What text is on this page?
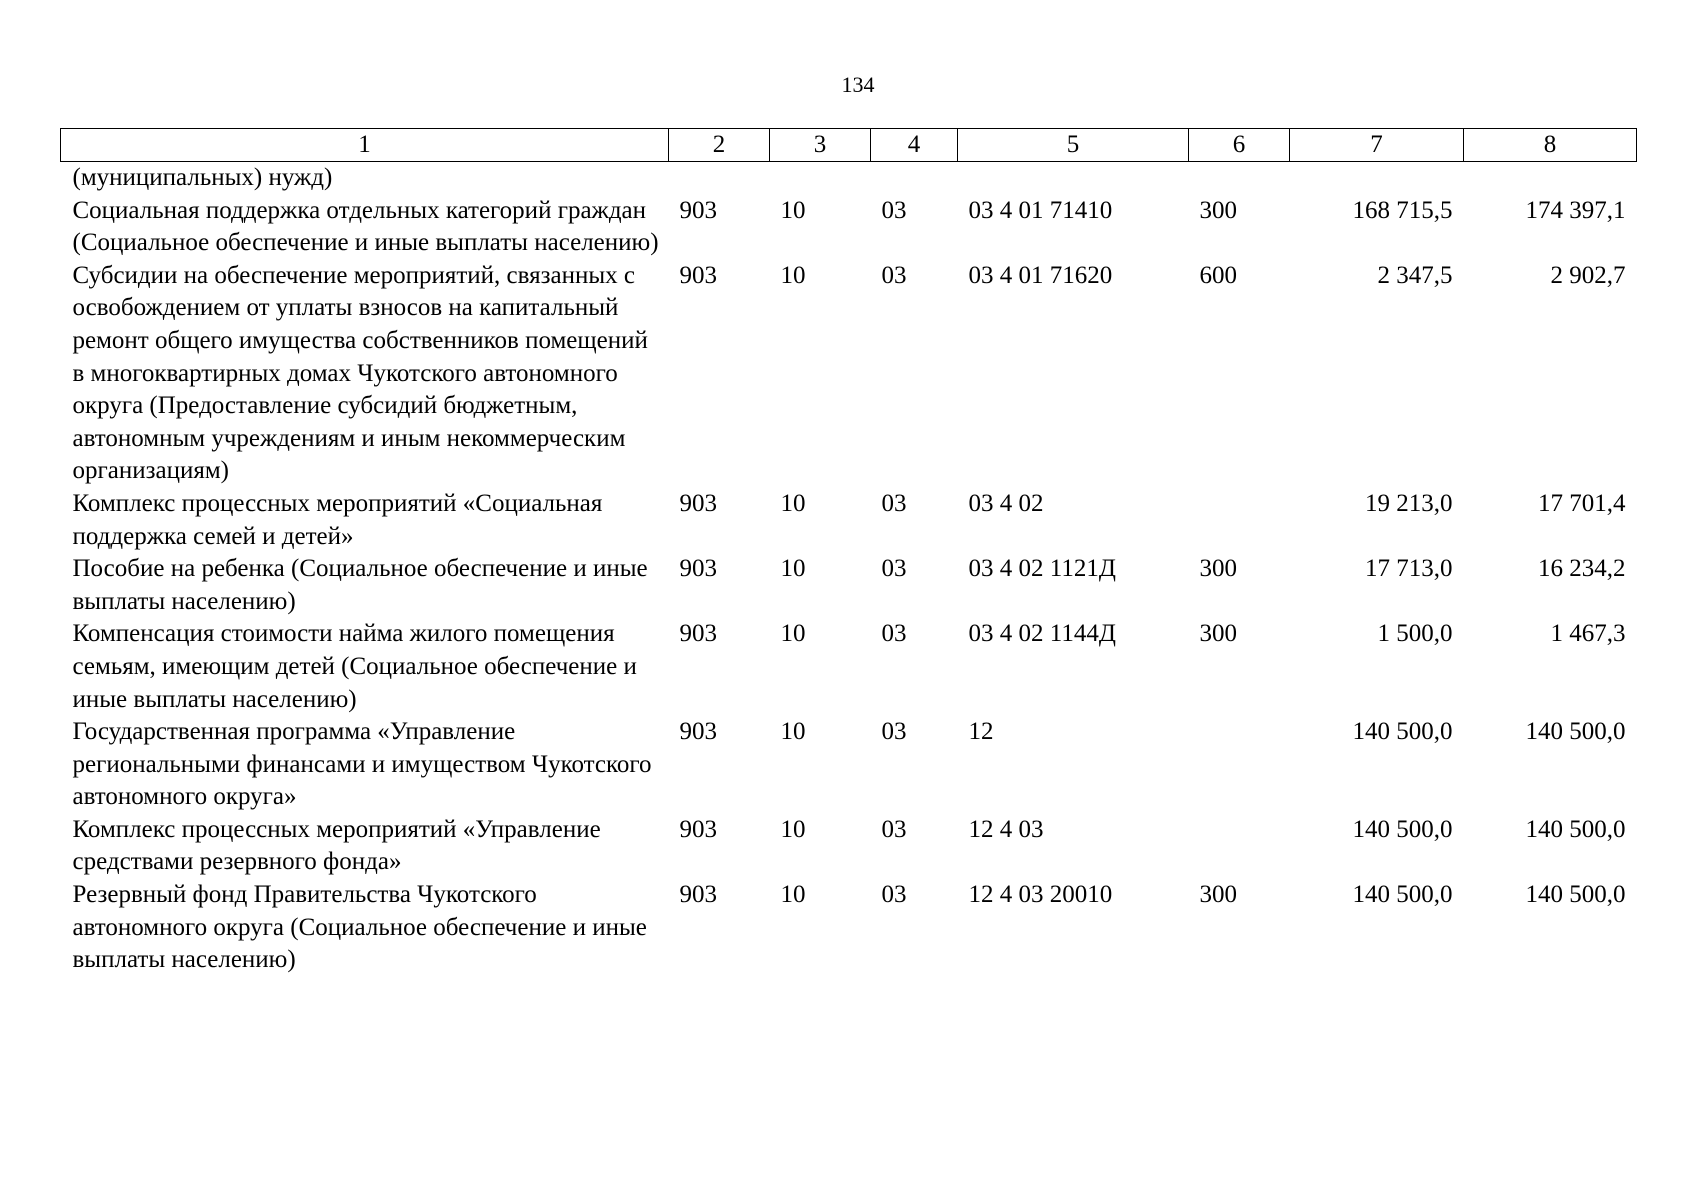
134
1	2	3	4	5	6	7	8
(муниципальных) нужд)							
Социальная поддержка отдельных категорий граждан (Социальное обеспечение и иные выплаты населению)	903	10	03	03 4 01 71410	300	168 715,5	174 397,1
Субсидии на обеспечение мероприятий, связанных с освобождением от уплаты взносов на капитальный ремонт общего имущества собственников помещений в многоквартирных домах Чукотского автономного округа (Предоставление субсидий бюджетным, автономным учреждениям и иным некоммерческим организациям)	903	10	03	03 4 01 71620	600	2 347,5	2 902,7
Комплекс процессных мероприятий «Социальная поддержка семей и детей»	903	10	03	03 4 02		19 213,0	17 701,4
Пособие на ребенка (Социальное обеспечение и иные выплаты населению)	903	10	03	03 4 02 1121Д	300	17 713,0	16 234,2
Компенсация стоимости найма жилого помещения семьям, имеющим детей (Социальное обеспечение и иные выплаты населению)	903	10	03	03 4 02 1144Д	300	1 500,0	1 467,3
Государственная программа «Управление региональными финансами и имуществом Чукотского автономного округа»	903	10	03	12		140 500,0	140 500,0
Комплекс процессных мероприятий «Управление средствами резервного фонда»	903	10	03	12 4 03		140 500,0	140 500,0
Резервный фонд Правительства Чукотского автономного округа (Социальное обеспечение и иные выплаты населению)	903	10	03	12 4 03 20010	300	140 500,0	140 500,0
